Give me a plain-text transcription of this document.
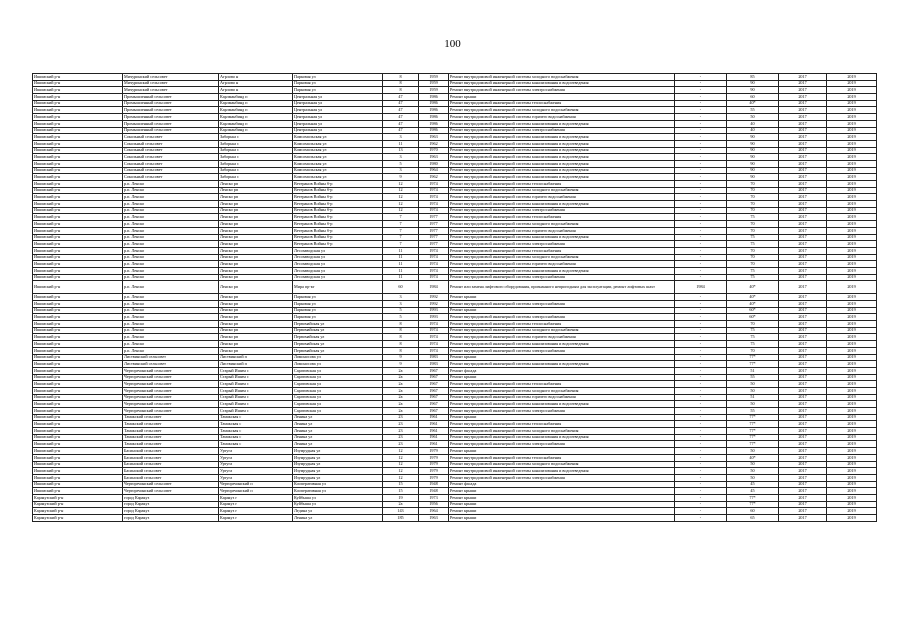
100
Ишимский р-н	Мичуринский сельсовет	Агрлово н	Парковая ул	8	1959	Ремонт внутридомовой инженерной системы холодного водоснабжения	-	85	2017	2019
Ишимский р-н	Мичуринский сельсовет	Агрлово н	Парковая ул	8	1959	Ремонт внутридомовой инженерной системы канализования и водоотведения	-	90	2017	2019
Ишимский р-н	Мичуринский сельсовет	Агрлово н	Парковая ул	8	1959	Ремонт внутридомовой инженерной системы электроснабжения	-	90	2017	2019
Ишимский р-н	Промышленный сельсовет	Карлманбинд п	Центральная ул	47	1986	Ремонт крыши	-	60	2017	2019
Ишимский р-н	Промышленный сельсовет	Карлманбинд п	Центральная ул	47	1986	Ремонт внутридомовой инженерной системы теплоснабжения	-	40*	2017	2019
Ишимский р-н	Промышленный сельсовет	Карлманбинд п	Центральная ул	47	1986	Ремонт внутридомовой инженерной системы холодного водоснабжения	-	55	2017	2019
Ишимский р-н	Промышленный сельсовет	Карлманбинд п	Центральная ул	47	1986	Ремонт внутридомовой инженерной системы горячего водоснабжения	-	50	2017	2019
Ишимский р-н	Промышленный сельсовет	Карлманбинд п	Центральная ул	47	1986	Ремонт внутридомовой инженерной системы канализования и водоотведения	-	40	2017	2019
Ишимский р-н	Промышленный сельсовет	Карлманбинд п	Центральная ул	47	1986	Ремонт внутридомовой инженерной системы электроснабжения	-	40	2017	2019
Ишимский р-н	Сокольный сельсовет	Заборька с	Комсомольская ул	3	1963	Ремонт внутридомовой инженерной системы канализования и водоотведения	-	90	2017	2019
Ишимский р-н	Сокольный сельсовет	Заборька с	Комсомольская ул	11	1962	Ремонт внутридомовой инженерной системы канализования и водоотведения	-	90	2017	2019
Ишимский р-н	Сокольный сельсовет	Заборька с	Комсомольская ул	13	1970	Ремонт внутридомовой инженерной системы канализования и водоотведения	-	90	2017	2019
Ишимский р-н	Сокольный сельсовет	Заборька с	Комсомольская ул	3	1963	Ремонт внутридомовой инженерной системы канализования и водоотведения	-	90	2017	2019
Ишимский р-н	Сокольный сельсовет	Заборька с	Комсомольская ул	5	1980	Ремонт внутридомовой инженерной системы канализования и водоотведения	-	90	2017	2019
Ишимский р-н	Сокольный сельсовет	Заборька с	Комсомольская ул	3	1964	Ремонт внутридомовой инженерной системы канализования и водоотведения	-	90	2017	2019
Ишимский р-н	Сокольный сельсовет	Заборька с	Комсомольская ул	9	1962	Ремонт внутридомовой инженерной системы канализования и водоотведения	-	90	2017	2019
Ишимский р-н	р.п. Ленско	Ленско рп	Ветеранов Войны б-р	12	1974	Ремонт внутридомовой инженерной системы теплоснабжения	-	70	2017	2019
Ишимский р-н	р.п. Ленско	Ленско рп	Ветеранов Войны б-р	12	1974	Ремонт внутридомовой инженерной системы холодного водоснабжения	-	70	2017	2019
Ишимский р-н	р.п. Ленско	Ленско рп	Ветеранов Войны б-р	12	1974	Ремонт внутридомовой инженерной системы горячего водоснабжения	-	70	2017	2019
Ишимский р-н	р.п. Ленско	Ленско рп	Ветеранов Войны б-р	12	1974	Ремонт внутридомовой инженерной системы канализования и водоотведения	-	70	2017	2019
Ишимский р-н	р.п. Ленско	Ленско рп	Ветеранов Войны б-р	12	1974	Ремонт внутридомовой инженерной системы электроснабжения	-	70	2017	2019
Ишимский р-н	р.п. Ленско	Ленско рп	Ветеранов Войны б-р	7	1977	Ремонт внутридомовой инженерной системы теплоснабжения	-	75	2017	2019
Ишимский р-н	р.п. Ленско	Ленско рп	Ветеранов Войны б-р	7	1977	Ремонт внутридомовой инженерной системы холодного водоснабжения	-	70	2017	2019
Ишимский р-н	р.п. Ленско	Ленско рп	Ветеранов Войны б-р	7	1977	Ремонт внутридомовой инженерной системы горячего водоснабжения	-	70	2017	2019
Ишимский р-н	р.п. Ленско	Ленско рп	Ветеранов Войны б-р	7	1977	Ремонт внутридомовой инженерной системы канализования и водоотведения	-	75	2017	2019
Ишимский р-н	р.п. Ленско	Ленско рп	Ветеранов Войны б-р	7	1977	Ремонт внутридомовой инженерной системы электроснабжения	-	75	2017	2019
Ишимский р-н	р.п. Ленско	Ленско рп	Лесозаводская ул	11	1974	Ремонт внутридомовой инженерной системы теплоснабжения	-	70	2017	2019
Ишимский р-н	р.п. Ленско	Ленско рп	Лесозаводская ул	11	1974	Ремонт внутридомовой инженерной системы холодного водоснабжения	-	70	2017	2019
Ишимский р-н	р.п. Ленско	Ленско рп	Лесозаводская ул	11	1974	Ремонт внутридомовой инженерной системы горячего водоснабжения	-	70	2017	2019
Ишимский р-н	р.п. Ленско	Ленско рп	Лесозаводская ул	11	1974	Ремонт внутридомовой инженерной системы канализования и водоотведения	-	75	2017	2019
Ишимский р-н	р.п. Ленско	Ленско рп	Лесозаводская ул	11	1974	Ремонт внутридомовой инженерной системы электроснабжения	-	75	2017	2019
Ишимский р-н	р.п. Ленско	Ленско рп	Мира пр-кт	60	1984	Ремонт или замена лифтового оборудования, признанного непригодным для эксплуатации, ремонт лифтовых шахт	1984	40*	2017	2019
Ишимский р-н	р.п. Ленско	Ленско рп	Парковая ул	3	1992	Ремонт крыши	-	40*	2017	2019
Ишимский р-н	р.п. Ленско	Ленско рп	Парковая ул	3	1992	Ремонт внутридомовой инженерной системы электроснабжения	-	40*	2017	2019
Ишимский р-н	р.п. Ленско	Ленско рп	Парковая ул	5	1993	Ремонт крыши	-	60*	2017	2019
Ишимский р-н	р.п. Ленско	Ленско рп	Парковая ул	5	1993	Ремонт внутридомовой инженерной системы электроснабжения	-	60*	2017	2019
Ишимский р-н	р.п. Ленско	Ленско рп	Первомайская ул	8	1974	Ремонт внутридомовой инженерной системы теплоснабжения	-	70	2017	2019
Ишимский р-н	р.п. Ленско	Ленско рп	Первомайская ул	8	1974	Ремонт внутридомовой инженерной системы холодного водоснабжения	-	75	2017	2019
Ишимский р-н	р.п. Ленско	Ленско рп	Первомайская ул	8	1974	Ремонт внутридомовой инженерной системы горячего водоснабжения	-	75	2017	2019
Ишимский р-н	р.п. Ленско	Ленско рп	Первомайская ул	8	1974	Ремонт внутридомовой инженерной системы канализования и водоотведения	-	75	2017	2019
Ишимский р-н	р.п. Ленско	Ленско рп	Первомайская ул	8	1974	Ремонт внутридомовой инженерной системы электроснабжения	-	70	2017	2019
Ишимский р-н	Листвинский сельсовет	Листвинский п	Ломоносова ул	9	1983	Ремонт крыши	-	77*	2017	2019
Ишимский р-н	Листвинский сельсовет	Листвинский п	Ломоносова ул	9	1983	Ремонт внутридомовой инженерной системы канализования и водоотведения	-	77*	2017	2019
Ишимский р-н	Черторечинский сельсовет	Старый Ишим с	Саратовская ул	2а	1967	Ремонт фасада	-	51	2017	2019
Ишимский р-н	Черторечинский сельсовет	Старый Ишим с	Саратовская ул	2а	1967	Ремонт крыши	-	55	2017	2019
Ишимский р-н	Черторечинский сельсовет	Старый Ишим с	Саратовская ул	2а	1967	Ремонт внутридомовой инженерной системы теплоснабжения	-	50	2017	2019
Ишимский р-н	Черторечинский сельсовет	Старый Ишим с	Саратовская ул	2а	1967	Ремонт внутридомовой инженерной системы холодного водоснабжения	-	50	2017	2019
Ишимский р-н	Черторечинский сельсовет	Старый Ишим с	Саратовская ул	2а	1967	Ремонт внутридомовой инженерной системы горячего водоснабжения	-	51	2017	2019
Ишимский р-н	Черторечинский сельсовет	Старый Ишим с	Саратовская ул	2а	1967	Ремонт внутридомовой инженерной системы канализования и водоотведения	-	50	2017	2019
Ишимский р-н	Черторечинский сельсовет	Старый Ишим с	Саратовская ул	2а	1967	Ремонт внутридомовой инженерной системы электроснабжения	-	55	2017	2019
Ишимский р-н	Тамакский сельсовет	Тамакская с	Ленина ул	23	1961	Ремонт крыши	-	77*	2017	2019
Ишимский р-н	Тамакский сельсовет	Тамакская с	Ленина ул	23	1961	Ремонт внутридомовой инженерной системы теплоснабжения	-	77*	2017	2019
Ишимский р-н	Тамакский сельсовет	Тамакская с	Ленина ул	23	1961	Ремонт внутридомовой инженерной системы холодного водоснабжения	-	77*	2017	2019
Ишимский р-н	Тамакский сельсовет	Тамакская с	Ленина ул	23	1961	Ремонт внутридомовой инженерной системы канализования и водоотведения	-	77*	2017	2019
Ишимский р-н	Тамакский сельсовет	Тамакская с	Ленина ул	23	1961	Ремонт внутридомовой инженерной системы электроснабжения	-	77*	2017	2019
Ишимский р-н	Басинский сельсовет	Уртуга	Изумрудная ул	12	1979	Ремонт крыши	-	50	2017	2019
Ишимский р-н	Басинский сельсовет	Уртуга	Изумрудная ул	12	1979	Ремонт внутридомовой инженерной системы теплоснабжения	-	40*	2017	2019
Ишимский р-н	Басинский сельсовет	Уртуга	Изумрудная ул	12	1979	Ремонт внутридомовой инженерной системы холодного водоснабжения	-	50	2017	2019
Ишимский р-н	Басинский сельсовет	Уртуга	Изумрудная ул	12	1979	Ремонт внутридомовой инженерной системы канализования и водоотведения	-	50	2017	2019
Ишимский р-н	Басинский сельсовет	Уртуга	Изумрудная ул	12	1979	Ремонт внутридомовой инженерной системы электроснабжения	-	50	2017	2019
Ишимский р-н	Черторечинский сельсовет	Черторечинский п	Кооперативная ул	15	1948	Ремонт фасада	-	45	2017	2019
Ишимский р-н	Черторечинский сельсовет	Черторечинский п	Кооперативная ул	15	1948	Ремонт крыши	-	45	2017	2019
Каракузский р-н	город Каракуз	Каракуз г	Куйбыша ул	19	1973	Ремонт крыши	-	77*	2017	2019
Каракузский р-н	город Каракуз	Каракуз г	Куйбыша ул	2а	1956	Ремонт крыши	-	77*	2017	2019
Каракузский р-н	город Каракуз	Каракуз г	Ледина ул	143	1964	Ремонт крыши	-	60	2017	2019
Каракузский р-н	город Каракуз	Каракуз г	Ленина ул	185	1963	Ремонт крыши	-	65	2017	2019
